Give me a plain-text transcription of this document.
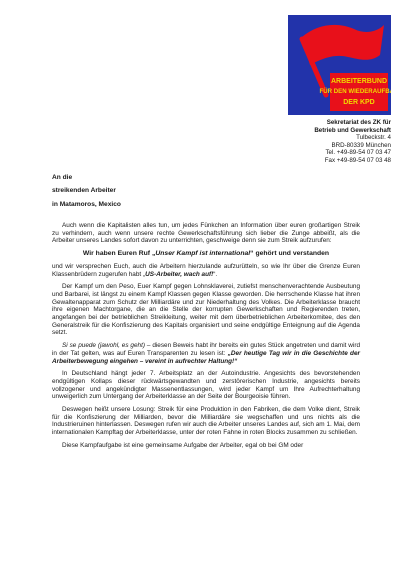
ARBEITERBUND
FÜR DEN WIEDERAUFBAU
DER KPD
Sekretariat des ZK für
Betrieb und Gewerkschaft
Tulbeckstr. 4
BRD-80339 München
Tel. +49-89-54 07 03 47
Fax +49-89-54 07 03 48
An die
streikenden Arbeiter
in Matamoros, Mexico

Auch wenn die Kapitalisten alles tun, um jedes Fünkchen an Information über euren großartigen Streik zu verhindern, auch wenn unsere rechte Gewerkschaftsführung sich lieber die Zunge abbeißt, als die Arbeiter unseres Landes sofort davon zu unterrichten, geschweige denn sie zum Streik aufzurufen:

Wir haben Euren Ruf „Unser Kampf ist international“ gehört und verstanden

und wir versprechen Euch, auch die Arbeitern hierzulande aufzurütteln, so wie Ihr über die Grenze Euren Klassenbrüdern zugerufen habt „US-Arbeiter, wach auf!“.

Der Kampf um den Peso, Euer Kampf gegen Lohnsklaverei, zutiefst menschenverachtende Ausbeutung und Barbarei, ist längst zu einem Kampf Klassen gegen Klasse geworden. Die herrschende Klasse hat ihren Gewaltenapparat zum Schutz der Milliardäre und zur Niederhaltung des Volkes. Die Arbeiterklasse braucht ihre eigenen Machtorgane, die an die Stelle der korrupten Gewerkschaften und Regierenden treten, angefangen bei der betrieblichen Streikleitung, weiter mit dem überbetrieblichen Arbeiterkomitee, des den Generalstreik für die Konfiszierung des Kapitals organisiert und seine endgültige Enteignung auf die Agenda setzt.

Si se puede (jawohl, es geht) – diesen Beweis habt ihr bereits ein gutes Stück angetreten und damit wird in der Tat gelten, was auf Euren Transparenten zu lesen ist: „Der heutige Tag wir in die Geschichte der Arbeiterbewegung eingehen – vereint in aufrechter Haltung!“

In Deutschland hängt jeder 7. Arbeitsplatz an der Autoindustrie. Angesichts des bevorstehenden endgültigen Kollaps dieser rückwärtsgewandten und zerstörerischen Industrie, angesichts bereits vollzogener und angekündigter Massenentlassungen, wird jeder Kampf um Ihre Aufrechterhaltung unweigerlich zum Untergang der Arbeiterklasse an der Seite der Bourgeoisie führen.

Deswegen heißt unsere Losung: Streik für eine Produktion in den Fabriken, die dem Volke dient, Streik für die Konfiszierung der Milliarden, bevor die Milliardäre sie wegschaffen und uns nichts als die Industrieruinen hinterlassen. Deswegen rufen wir auch die Arbeiter unseres Landes auf, sich am 1. Mai, dem internationalen Kampftag der Arbeiterklasse, unter der roten Fahne in roten Blocks zusammen zu schließen.

Diese Kampfaufgabe ist eine gemeinsame Aufgabe der Arbeiter, egal ob bei GM oder
